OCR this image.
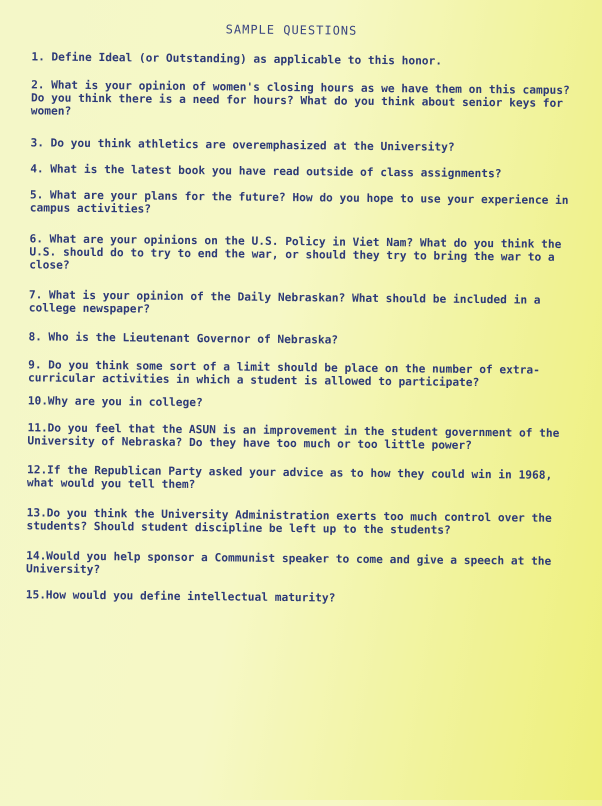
SAMPLE QUESTIONS
1. Define Ideal (or Outstanding) as applicable to this honor.
2. What is your opinion of women's closing hours as we have them on this campus? Do you think there is a need for hours? What do you think about senior keys for women?
3. Do you think athletics are overemphasized at the University?
4. What is the latest book you have read outside of class assignments?
5. What are your plans for the future? How do you hope to use your experience in campus activities?
6. What are your opinions on the U.S. Policy in Viet Nam? What do you think the U.S. should do to try to end the war, or should they try to bring the war to a close?
7. What is your opinion of the Daily Nebraskan? What should be included in a college newspaper?
8. Who is the Lieutenant Governor of Nebraska?
9. Do you think some sort of a limit should be place on the number of extra-curricular activities in which a student is allowed to participate?
10.Why are you in college?
11.Do you feel that the ASUN is an improvement in the student government of the University of Nebraska? Do they have too much or too little power?
12.If the Republican Party asked your advice as to how they could win in 1968, what would you tell them?
13.Do you think the University Administration exerts too much control over the students? Should student discipline be left up to the students?
14.Would you help sponsor a Communist speaker to come and give a speech at the University?
15.How would you define intellectual maturity?
